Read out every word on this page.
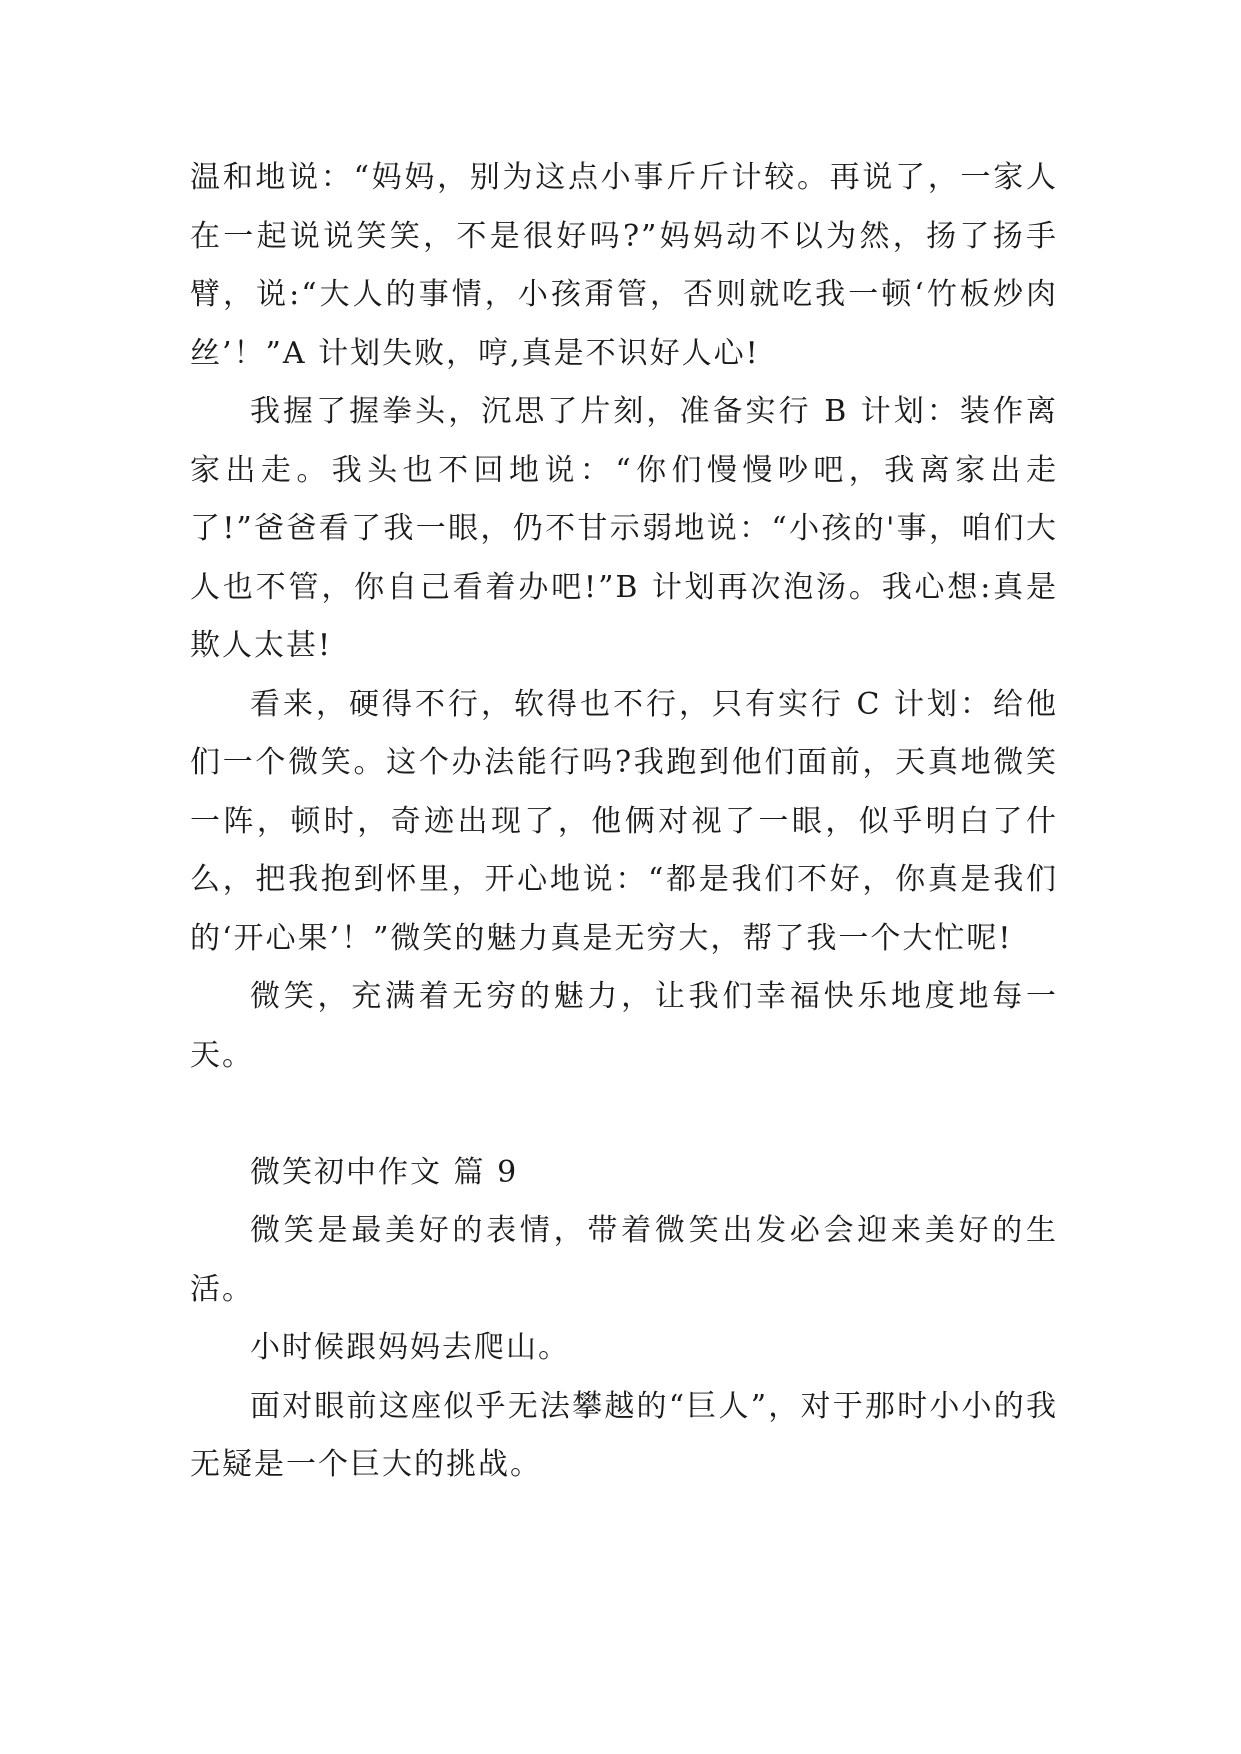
温和地说：“妈妈，别为这点小事斤斤计较。再说了，一家人在一起说说笑笑，不是很好吗?”妈妈动不以为然，扬了扬手臂，说:“大人的事情，小孩甭管，否则就吃我一顿‘竹板炒肉丝’！”A 计划失败，哼,真是不识好人心!

我握了握拳头，沉思了片刻，准备实行 B 计划：装作离家出走。我头也不回地说：“你们慢慢吵吧，我离家出走了!”爸爸看了我一眼，仍不甘示弱地说：“小孩的'事，咱们大人也不管，你自己看着办吧!”B 计划再次泡汤。我心想:真是欺人太甚!

看来，硬得不行，软得也不行，只有实行 C 计划：给他们一个微笑。这个办法能行吗?我跑到他们面前，天真地微笑一阵，顿时，奇迹出现了，他俩对视了一眼，似乎明白了什么，把我抱到怀里，开心地说：“都是我们不好，你真是我们的‘开心果’！”微笑的魅力真是无穷大，帮了我一个大忙呢!

微笑，充满着无穷的魅力，让我们幸福快乐地度地每一天。

微笑初中作文 篇 9

微笑是最美好的表情，带着微笑出发必会迎来美好的生活。

小时候跟妈妈去爬山。

面对眼前这座似乎无法攀越的“巨人”，对于那时小小的我无疑是一个巨大的挑战。
